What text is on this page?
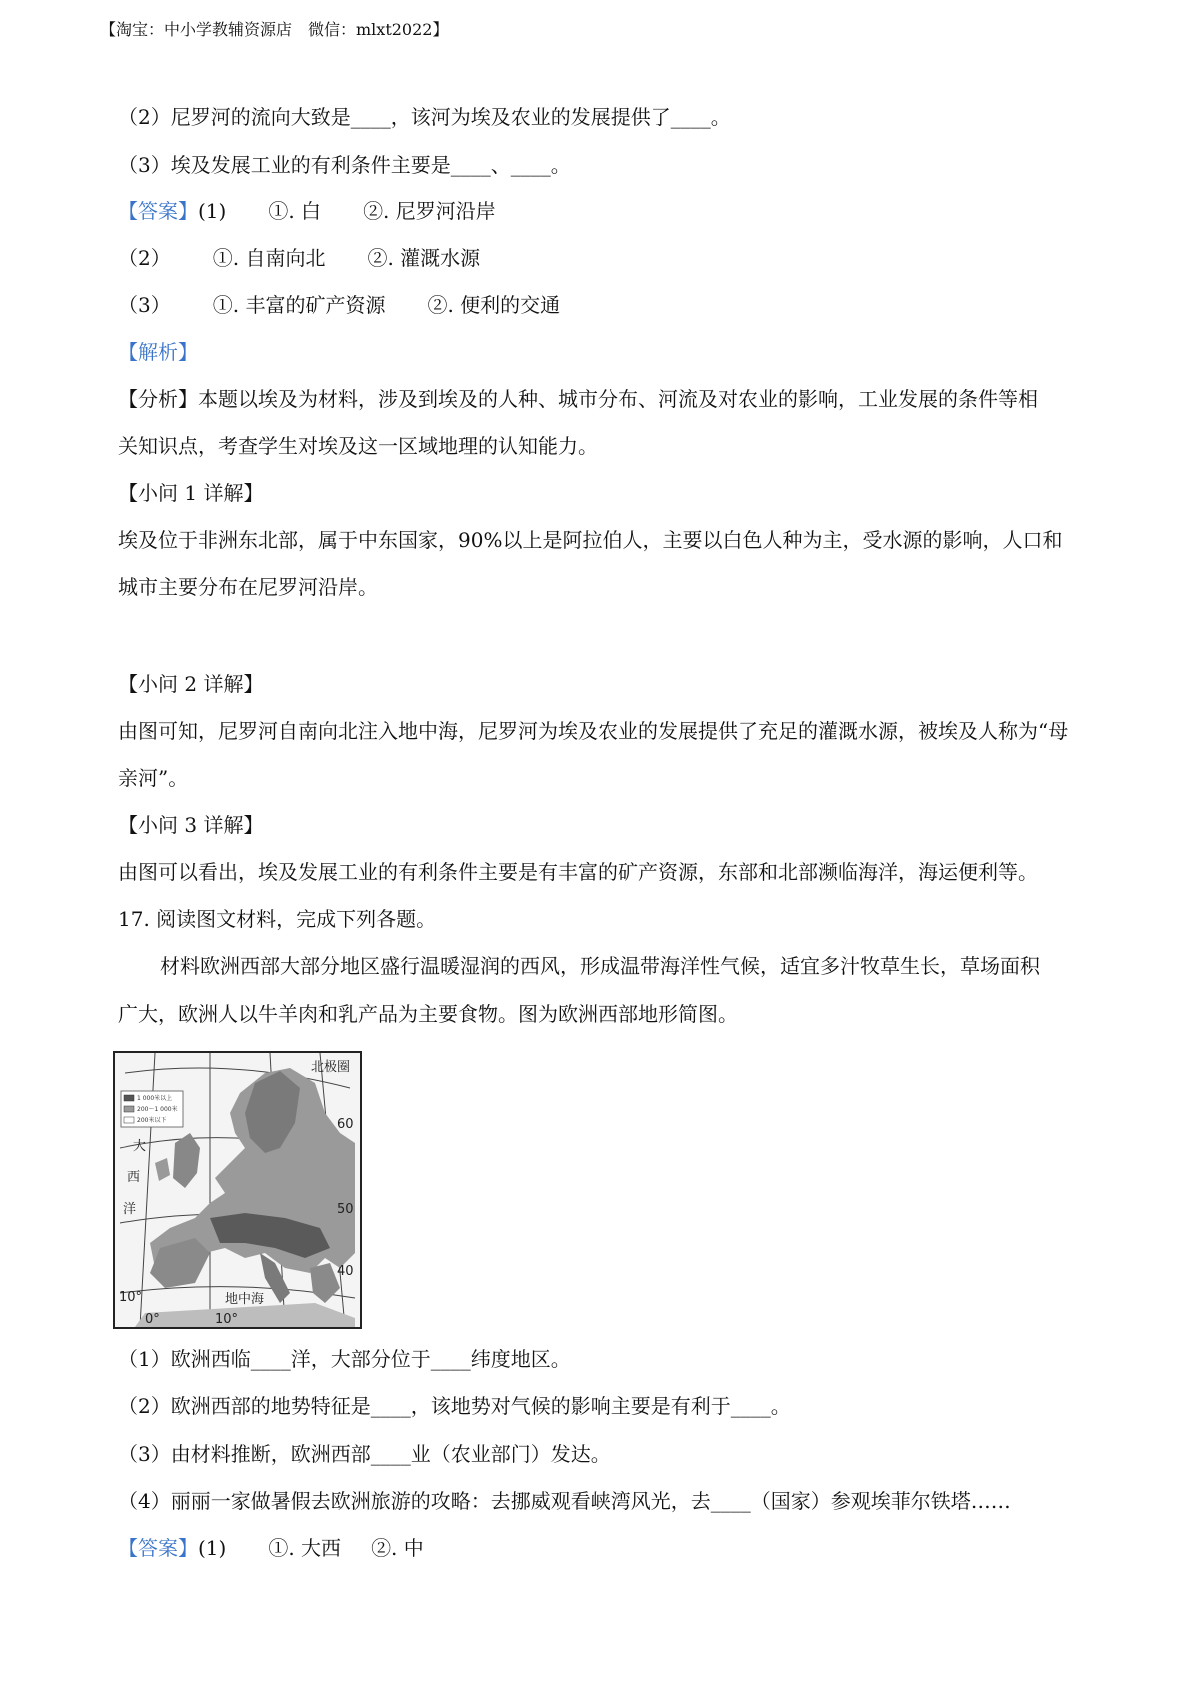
【淘宝：中小学教辅资源店　微信：mlxt2022】
（2）尼罗河的流向大致是____，该河为埃及农业的发展提供了____。
（3）埃及发展工业的有利条件主要是____、____。
【答案】(1) ①. 白 ②. 尼罗河沿岸
（2） ①. 自南向北 ②. 灌溉水源
（3） ①. 丰富的矿产资源 ②. 便利的交通
【解析】
【分析】本题以埃及为材料，涉及到埃及的人种、城市分布、河流及对农业的影响，工业发展的条件等相
关知识点，考查学生对埃及这一区域地理的认知能力。
【小问 1 详解】
埃及位于非洲东北部，属于中东国家，90%以上是阿拉伯人，主要以白色人种为主，受水源的影响，人口和
城市主要分布在尼罗河沿岸。
【小问 2 详解】
由图可知，尼罗河自南向北注入地中海，尼罗河为埃及农业的发展提供了充足的灌溉水源，被埃及人称为“母
亲河”。
【小问 3 详解】
由图可以看出，埃及发展工业的有利条件主要是有丰富的矿产资源，东部和北部濒临海洋，海运便利等。
17. 阅读图文材料，完成下列各题。
材料欧洲西部大部分地区盛行温暖湿润的西风，形成温带海洋性气候，适宜多汁牧草生长，草场面积
广大，欧洲人以牛羊肉和乳产品为主要食物。图为欧洲西部地形简图。
1 000米以上
200～1 000米
200米以下
大
西
洋
北极圈
地中海
60
50
40
10°
0°	10°
（1）欧洲西临____洋，大部分位于____纬度地区。
（2）欧洲西部的地势特征是____，该地势对气候的影响主要是有利于____。
（3）由材料推断，欧洲西部____业（农业部门）发达。
（4）丽丽一家做暑假去欧洲旅游的攻略：去挪威观看峡湾风光，去____（国家）参观埃菲尔铁塔……
【答案】(1) ①. 大西 ②. 中
